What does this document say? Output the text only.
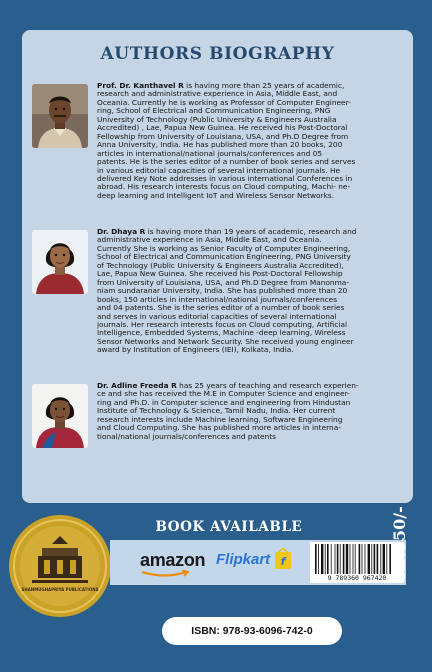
AUTHORS BIOGRAPHY
Prof. Dr. Kanthavel R is having more than 25 years of academic,
research and administrative experience in Asia, Middle East, and
Oceania. Currently he is working as Professor of Computer Engineer-
ring, School of Electrical and Communication Engineering, PNG
University of Technology (Public University & Engineers Australia
Accredited) , Lae, Papua New Guinea. He received his Post-Doctoral
Fellowship from University of Louisiana, USA, and Ph.D Degree from
Anna University, India. He has published more than 20 books, 200
articles in international/national journals/conferences and 05
patents. He is the series editor of a number of book series and serves
in various editorial capacities of several international journals. He
delivered Key Note addresses in various international Conferences in
abroad. His research interests focus on Cloud computing, Machi- ne-
deep learning and Intelligent IoT and Wireless Sensor Networks.
Dr. Dhaya R is having more than 19 years of academic, research and
administrative experience in Asia, Middle East, and Oceania.
Currently She is working as Senior Faculty of Computer Engineering,
School of Electrical and Communication Engineering, PNG University
of Technology (Public University & Engineers Australia Accredited),
Lae, Papua New Guinea. She received his Post-Doctoral Fellowship
from University of Louisiana, USA, and Ph.D Degree from Manonma-
niam sundaranar University, India. She has published more than 20
books, 150 articles in international/national journals/conferences
and 04 patents. She is the series editor of a number of book series
and serves in various editorial capacities of several international
journals. Her research interests focus on Cloud computing, Artificial
Intelligence, Embedded Systems, Machine -deep learning, Wireless
Sensor Networks and Network Security. She received young engineer
award by Institution of Engineers (IEI), Kolkata, India.
Dr. Adline Freeda R has 25 years of teaching and research experien-
ce and she has received the M.E in Computer Science and engineer-
ring and Ph.D. in Computer science and engineering from Hindustan
Institute of Technology & Science, Tamil Nadu, India. Her current
research interests include Machine learning, Software Engineering
and Cloud Computing. She has published more articles in interna-
tional/national journals/conferences and patents
SHANMUGHAPRIYA PUBLICATIONS
BOOK AVAILABLE
amazon Flipkart f
9 789360 967420 Rs.350/-
ISBN: 978-93-6096-742-0
